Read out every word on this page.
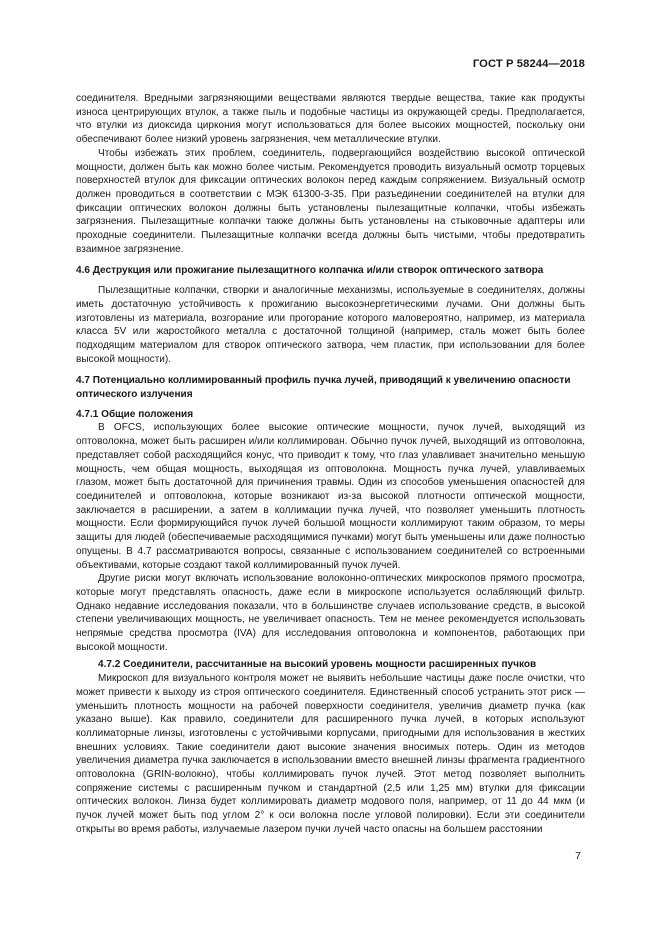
ГОСТ Р 58244—2018

соединителя. Вредными загрязняющими веществами являются твердые вещества, такие как продукты износа центрирующих втулок, а также пыль и подобные частицы из окружающей среды. Предполагается, что втулки из диоксида циркония могут использоваться для более высоких мощностей, поскольку они обеспечивают более низкий уровень загрязнения, чем металлические втулки.

Чтобы избежать этих проблем, соединитель, подвергающийся воздействию высокой оптической мощности, должен быть как можно более чистым. Рекомендуется проводить визуальный осмотр торцевых поверхностей втулок для фиксации оптических волокон перед каждым сопряжением. Визуальный осмотр должен проводиться в соответствии с МЭК 61300-3-35. При разъединении соединителей на втулки для фиксации оптических волокон должны быть установлены пылезащитные колпачки, чтобы избежать загрязнения. Пылезащитные колпачки также должны быть установлены на стыковочные адаптеры или проходные соединители. Пылезащитные колпачки всегда должны быть чистыми, чтобы предотвратить взаимное загрязнение.

4.6 Деструкция или прожигание пылезащитного колпачка и/или створок оптического затвора

Пылезащитные колпачки, створки и аналогичные механизмы, используемые в соединителях, должны иметь достаточную устойчивость к прожиганию высокоэнергетическими лучами. Они должны быть изготовлены из материала, возгорание или прогорание которого маловероятно, например, из материала класса 5V или жаростойкого металла с достаточной толщиной (например, сталь может быть более подходящим материалом для створок оптического затвора, чем пластик, при использовании для более высокой мощности).

4.7 Потенциально коллимированный профиль пучка лучей, приводящий к увеличению опасности оптического излучения
4.7.1 Общие положения

В OFCS, использующих более высокие оптические мощности, пучок лучей, выходящий из оптоволокна, может быть расширен и/или коллимирован. Обычно пучок лучей, выходящий из оптоволокна, представляет собой расходящийся конус, что приводит к тому, что глаз улавливает значительно меньшую мощность, чем общая мощность, выходящая из оптоволокна. Мощность пучка лучей, улавливаемых глазом, может быть достаточной для причинения травмы. Один из способов уменьшения опасностей для соединителей и оптоволокна, которые возникают из-за высокой плотности оптической мощности, заключается в расширении, а затем в коллимации пучка лучей, что позволяет уменьшить плотность мощности. Если формирующийся пучок лучей большой мощности коллимируют таким образом, то меры защиты для людей (обеспечиваемые расходящимися пучками) могут быть уменьшены или даже полностью опущены. В 4.7 рассматриваются вопросы, связанные с использованием соединителей со встроенными объективами, которые создают такой коллимированный пучок лучей.

Другие риски могут включать использование волоконно-оптических микроскопов прямого просмотра, которые могут представлять опасность, даже если в микроскопе используется ослабляющий фильтр. Однако недавние исследования показали, что в большинстве случаев использование средств, в высокой степени увеличивающих мощность, не увеличивает опасность. Тем не менее рекомендуется использовать непрямые средства просмотра (IVA) для исследования оптоволокна и компонентов, работающих при высокой мощности.

4.7.2 Соединители, рассчитанные на высокий уровень мощности расширенных пучков

Микроскоп для визуального контроля может не выявить небольшие частицы даже после очистки, что может привести к выходу из строя оптического соединителя. Единственный способ устранить этот риск — уменьшить плотность мощности на рабочей поверхности соединителя, увеличив диаметр пучка (как указано выше). Как правило, соединители для расширенного пучка лучей, в которых используют коллиматорные линзы, изготовлены с устойчивыми корпусами, пригодными для использования в жестких внешних условиях. Такие соединители дают высокие значения вносимых потерь. Один из методов увеличения диаметра пучка заключается в использовании вместо внешней линзы фрагмента градиентного оптоволокна (GRIN-волокно), чтобы коллимировать пучок лучей. Этот метод позволяет выполнить сопряжение системы с расширенным пучком и стандартной (2,5 или 1,25 мм) втулки для фиксации оптических волокон. Линза будет коллимировать диаметр модового поля, например, от 11 до 44 мкм (и пучок лучей может быть под углом 2° к оси волокна после угловой полировки). Если эти соединители открыты во время работы, излучаемые лазером пучки лучей часто опасны на большем расстоянии

7
